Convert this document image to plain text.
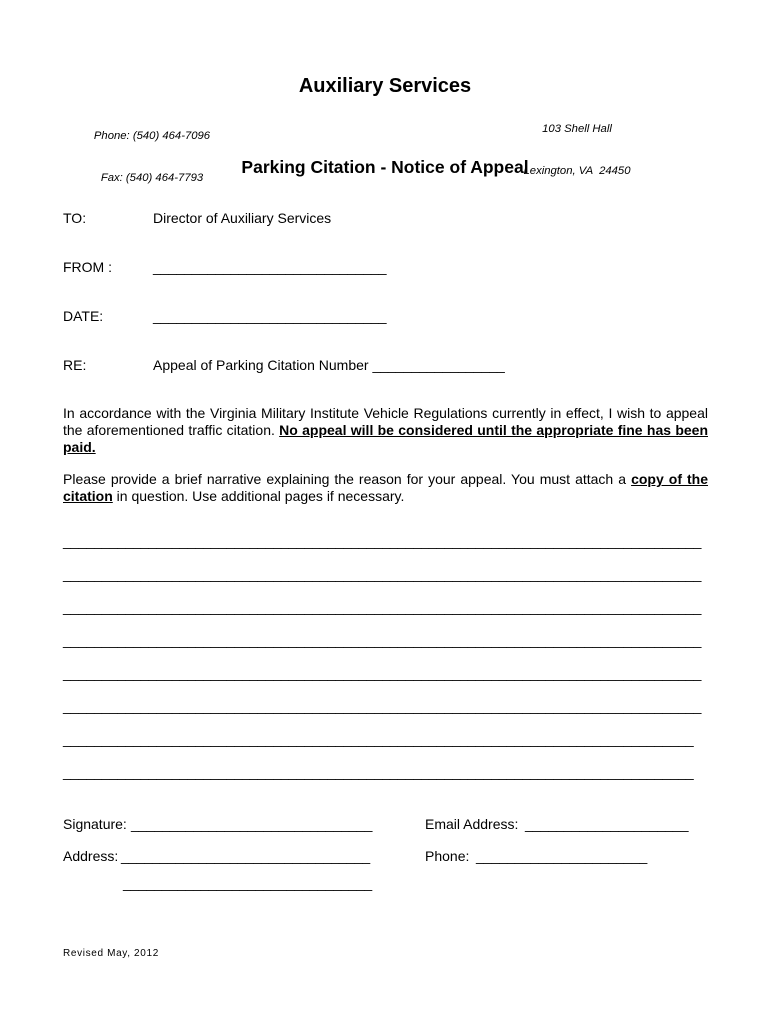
Auxiliary Services

Phone: (540) 464-7096

Fax: (540) 464-7793

103 Shell Hall

Lexington, VA  24450

Parking Citation - Notice of Appeal
TO:	Director of Auxiliary Services
FROM :	______________________________
DATE:	______________________________
RE:	Appeal of Parking Citation Number _________________

In accordance with the Virginia Military Institute Vehicle Regulations currently in effect, I wish to appeal the aforementioned traffic citation. No appeal will be considered until the appropriate fine has been paid.

Please provide a brief narrative explaining the reason for your appeal. You must attach a copy of the citation in question. Use additional pages if necessary.

__________________________________________________________________________________
__________________________________________________________________________________
__________________________________________________________________________________
__________________________________________________________________________________
__________________________________________________________________________________
__________________________________________________________________________________
_________________________________________________________________________________
_________________________________________________________________________________
Signature: _______________________________	Email Address: _____________________
Address: ________________________________	Phone: ______________________
________________________________
Revised May, 2012
